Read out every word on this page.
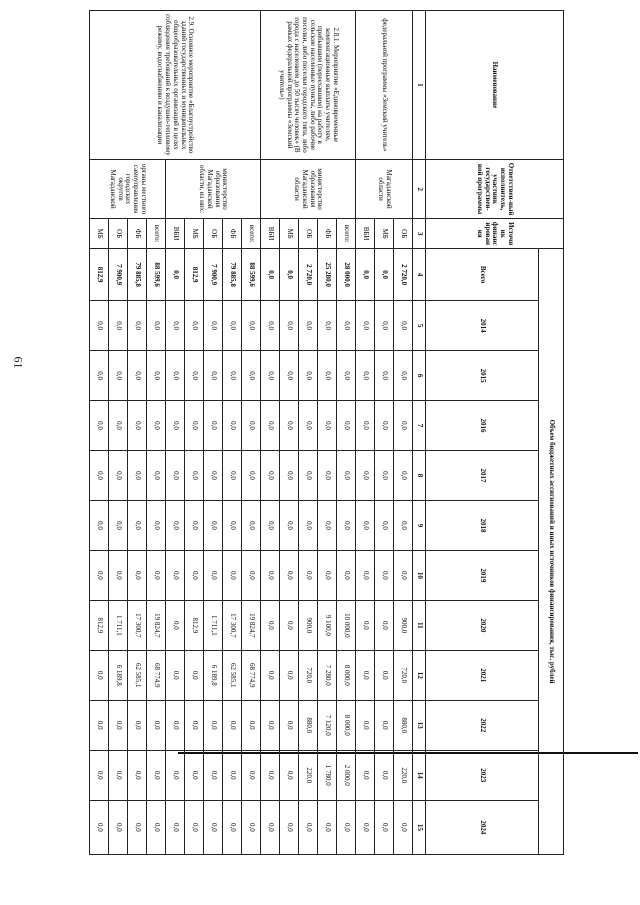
61
Наименование	Ответствен-ный исполнитель, участник государствен-ной программы	Источник финансирования	Объем бюджетных ассигнований и иных источников финансирования, тыс. рублей											
			Всего	2014	2015	2016	2017	2018	2019	2020	2021	2022	2023	2024
1	2	3	4	5	6	7	8	9	10	11	12	13	14	15
федеральной программы «Земский учитель»	Магаданской области	ОБ	2 720,0	0,0	0,0	0,0	0,0	0,0	0,0	900,0	720,0	880,0	220,0	0,0
		МБ	0,0	0,0	0,0	0,0	0,0	0,0	0,0	0,0	0,0	0,0	0,0	0,0
		ВБИ	0,0	0,0	0,0	0,0	0,0	0,0	0,0	0,0	0,0	0,0	0,0	0,0
2.8.1. Мероприятие «Единовременные компенсационные выплаты учителям, прибывшим (переехавшим) на работу в сельские населенные пункты, либо рабочие поселки, либо поселки городского типа, либо города с населением до 50 тысяч человек» (В рамках федеральной программы «Земский учитель»)	министерство образования Магаданской области	всего:	28 000,0	0,0	0,0	0,0	0,0	0,0	0,0	10 000,0	8 000,0	8 000,0	2 000,0	0,0
		ФБ	25 280,0	0,0	0,0	0,0	0,0	0,0	0,0	9 100,0	7 280,0	7 120,0	1 780,0	0,0
		ОБ	2 720,0	0,0	0,0	0,0	0,0	0,0	0,0	900,0	720,0	880,0	220,0	0,0
		МБ	0,0	0,0	0,0	0,0	0,0	0,0	0,0	0,0	0,0	0,0	0,0	0,0
		ВБИ	0,0	0,0	0,0	0,0	0,0	0,0	0,0	0,0	0,0	0,0	0,0	0,0
2.9. Основное мероприятие «Благоустройство зданий государственных и муниципальных общеобразовательных организаций в целях соблюдения требований к воздушно-тепловому режиму, водоснабжению и канализации	министерство образования Магаданской области, из них:	всего:	88 599,6	0,0	0,0	0,0	0,0	0,0	0,0	19 824,7	68 774,9	0,0	0,0	0,0
		ФБ	79 885,8	0,0	0,0	0,0	0,0	0,0	0,0	17 300,7	62 585,1	0,0	0,0	0,0
		ОБ	7 900,9	0,0	0,0	0,0	0,0	0,0	0,0	1 711,1	6 189,8	0,0	0,0	0,0
		МБ	812,9	0,0	0,0	0,0	0,0	0,0	0,0	812,9	0,0	0,0	0,0	0,0
		ВБИ	0,0	0,0	0,0	0,0	0,0	0,0	0,0	0,0	0,0	0,0	0,0	0,0
	органы местного самоуправления городских округов Магаданской	всего:	88 599,6	0,0	0,0	0,0	0,0	0,0	0,0	19 824,7	68 774,9	0,0	0,0	0,0
		ФБ	79 885,8	0,0	0,0	0,0	0,0	0,0	0,0	17 300,7	62 585,1	0,0	0,0	0,0
		ОБ	7 900,9	0,0	0,0	0,0	0,0	0,0	0,0	1 711,1	6 189,8	0,0	0,0	0,0
		МБ	812,9	0,0	0,0	0,0	0,0	0,0	0,0	812,9	0,0	0,0	0,0	0,0
